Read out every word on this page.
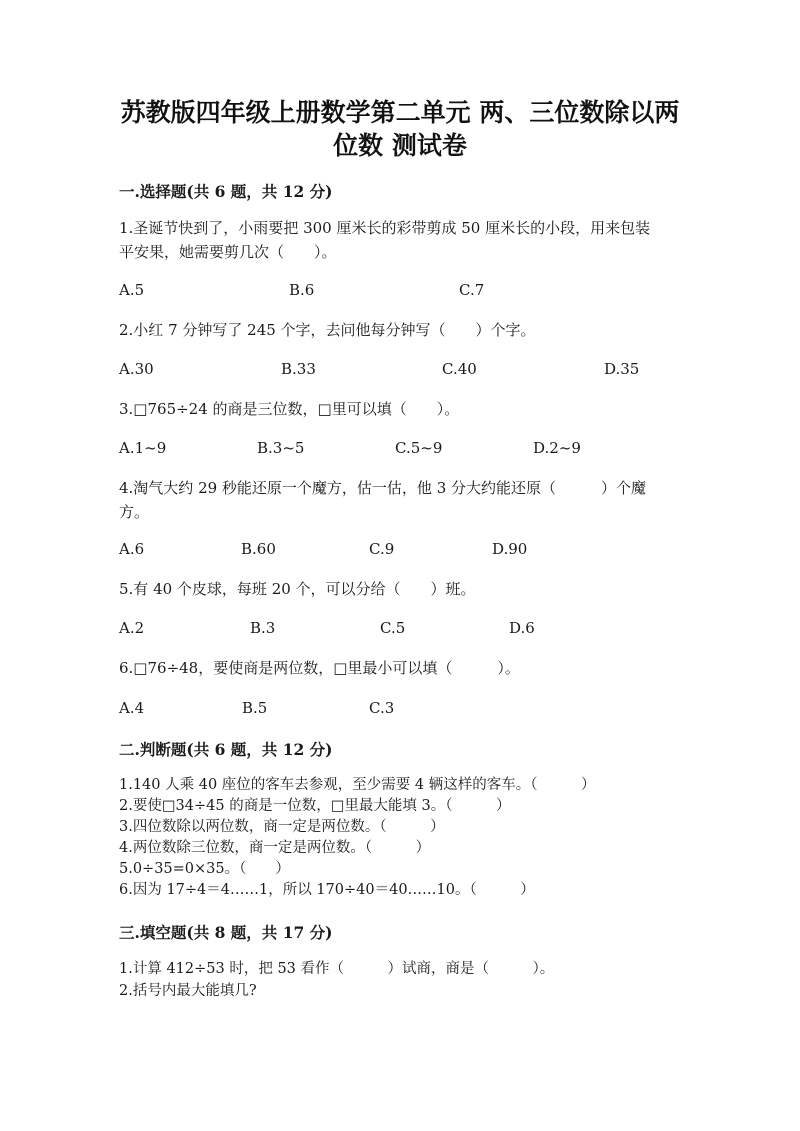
苏教版四年级上册数学第二单元 两、三位数除以两
位数 测试卷
一.选择题(共 6 题，共 12 分)
1.圣诞节快到了，小雨要把 300 厘米长的彩带剪成 50 厘米长的小段，用来包装
平安果，她需要剪几次（　　）。
A.5	B.6	C.7
2.小红 7 分钟写了 245 个字，去问他每分钟写（　　）个字。
A.30	B.33	C.40	D.35
3.□765÷24 的商是三位数，□里可以填（　　）。
A.1~9	B.3~5	C.5~9	D.2~9
4.淘气大约 29 秒能还原一个魔方，估一估，他 3 分大约能还原（　　　）个魔
方。
A.6	B.60	C.9	D.90
5.有 40 个皮球，每班 20 个，可以分给（　　）班。
A.2	B.3	C.5	D.6
6.□76÷48，要使商是两位数，□里最小可以填（　　　）。
A.4	B.5	C.3
二.判断题(共 6 题，共 12 分)
1.140 人乘 40 座位的客车去参观，至少需要 4 辆这样的客车。（　　　）
2.要使□34÷45 的商是一位数，□里最大能填 3。（　　　）
3.四位数除以两位数，商一定是两位数。（　　　）
4.两位数除三位数，商一定是两位数。（　　　）
5.0÷35=0×35。（　　）
6.因为 17÷4＝4……1，所以 170÷40＝40……10。（　　　）
三.填空题(共 8 题，共 17 分)
1.计算 412÷53 时，把 53 看作（　　　）试商，商是（　　　）。
2.括号内最大能填几?
